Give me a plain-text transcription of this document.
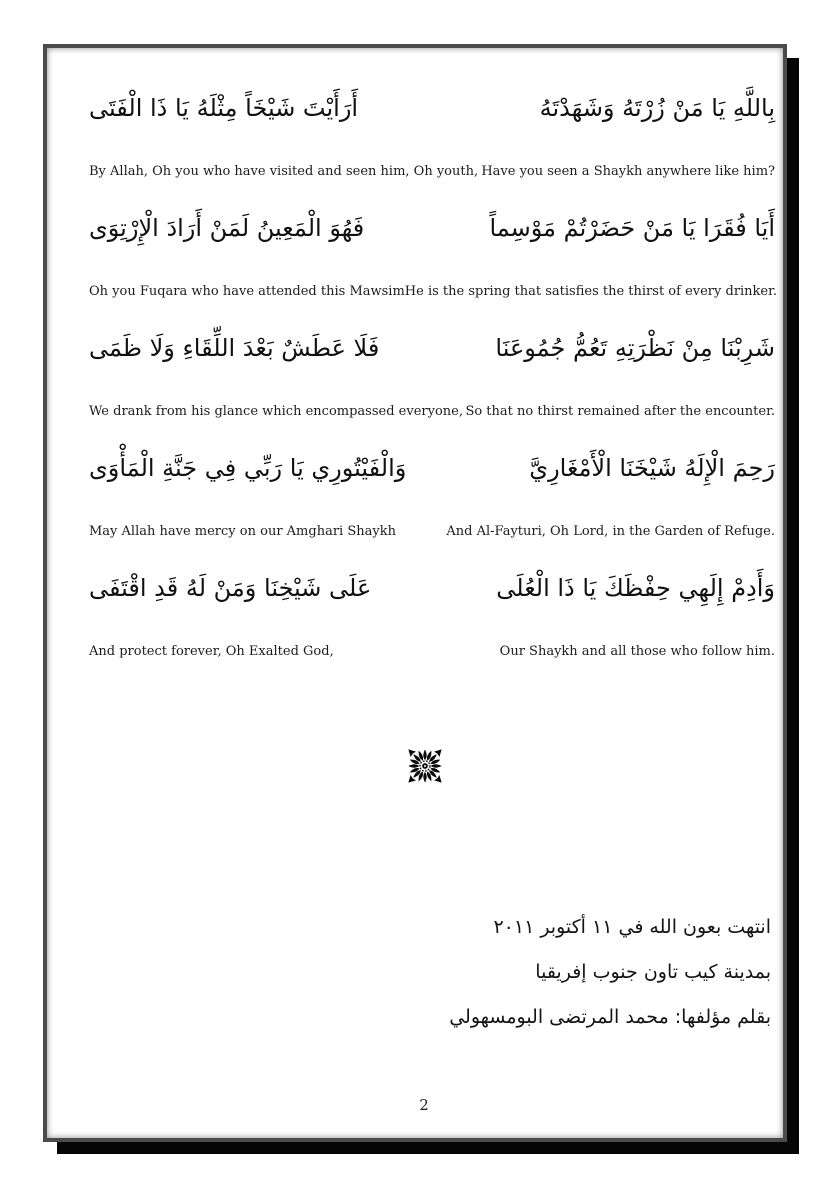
أَرَأَيْتَ شَيْخَاً مِثْلَهُ يَا ذَا الْفَتَى	بِاللَّهِ يَا مَنْ زُرْتَهُ وَشَهَدْتَهُ
By Allah, Oh you who have visited and seen him, Oh youth, Have you seen a Shaykh anywhere like him?
فَهُوَ الْمَعِينُ لَمَنْ أَرَادَ الْإِرْتِوَى	أَيَا فُقَرَا يَا مَنْ حَضَرْتُمْ مَوْسِماً
Oh you Fuqara who have attended this Mawsim He is the spring that satisfies the thirst of every drinker.
فَلَا عَطَشٌ بَعْدَ اللِّقَاءِ وَلَا ظَمَى	شَرِبْنَا مِنْ نَظْرَتِهِ تَعُمُّ جُمُوعَنَا
We drank from his glance which encompassed everyone, So that no thirst remained after the encounter.
وَالْفَيْتُورِي يَا رَبِّي فِي جَنَّةِ الْمَأْوَى	رَحِمَ الْإِلَهُ شَيْخَنَا الْأَمْغَارِيَّ
May Allah have mercy on our Amghari Shaykh	And Al-Fayturi, Oh Lord, in the Garden of Refuge.
عَلَى شَيْخِنَا وَمَنْ لَهُ قَدِ اقْتَفَى	وَأَدِمْ إِلَهِي حِفْظَكَ يَا ذَا الْعُلَى
And protect forever, Oh Exalted God,	Our Shaykh and all those who follow him.
انتهت بعون الله في ١١ أكتوبر ٢٠١١
بمدينة كيب تاون جنوب إفريقيا
بقلم مؤلفها: محمد المرتضى البومسهولي
2
